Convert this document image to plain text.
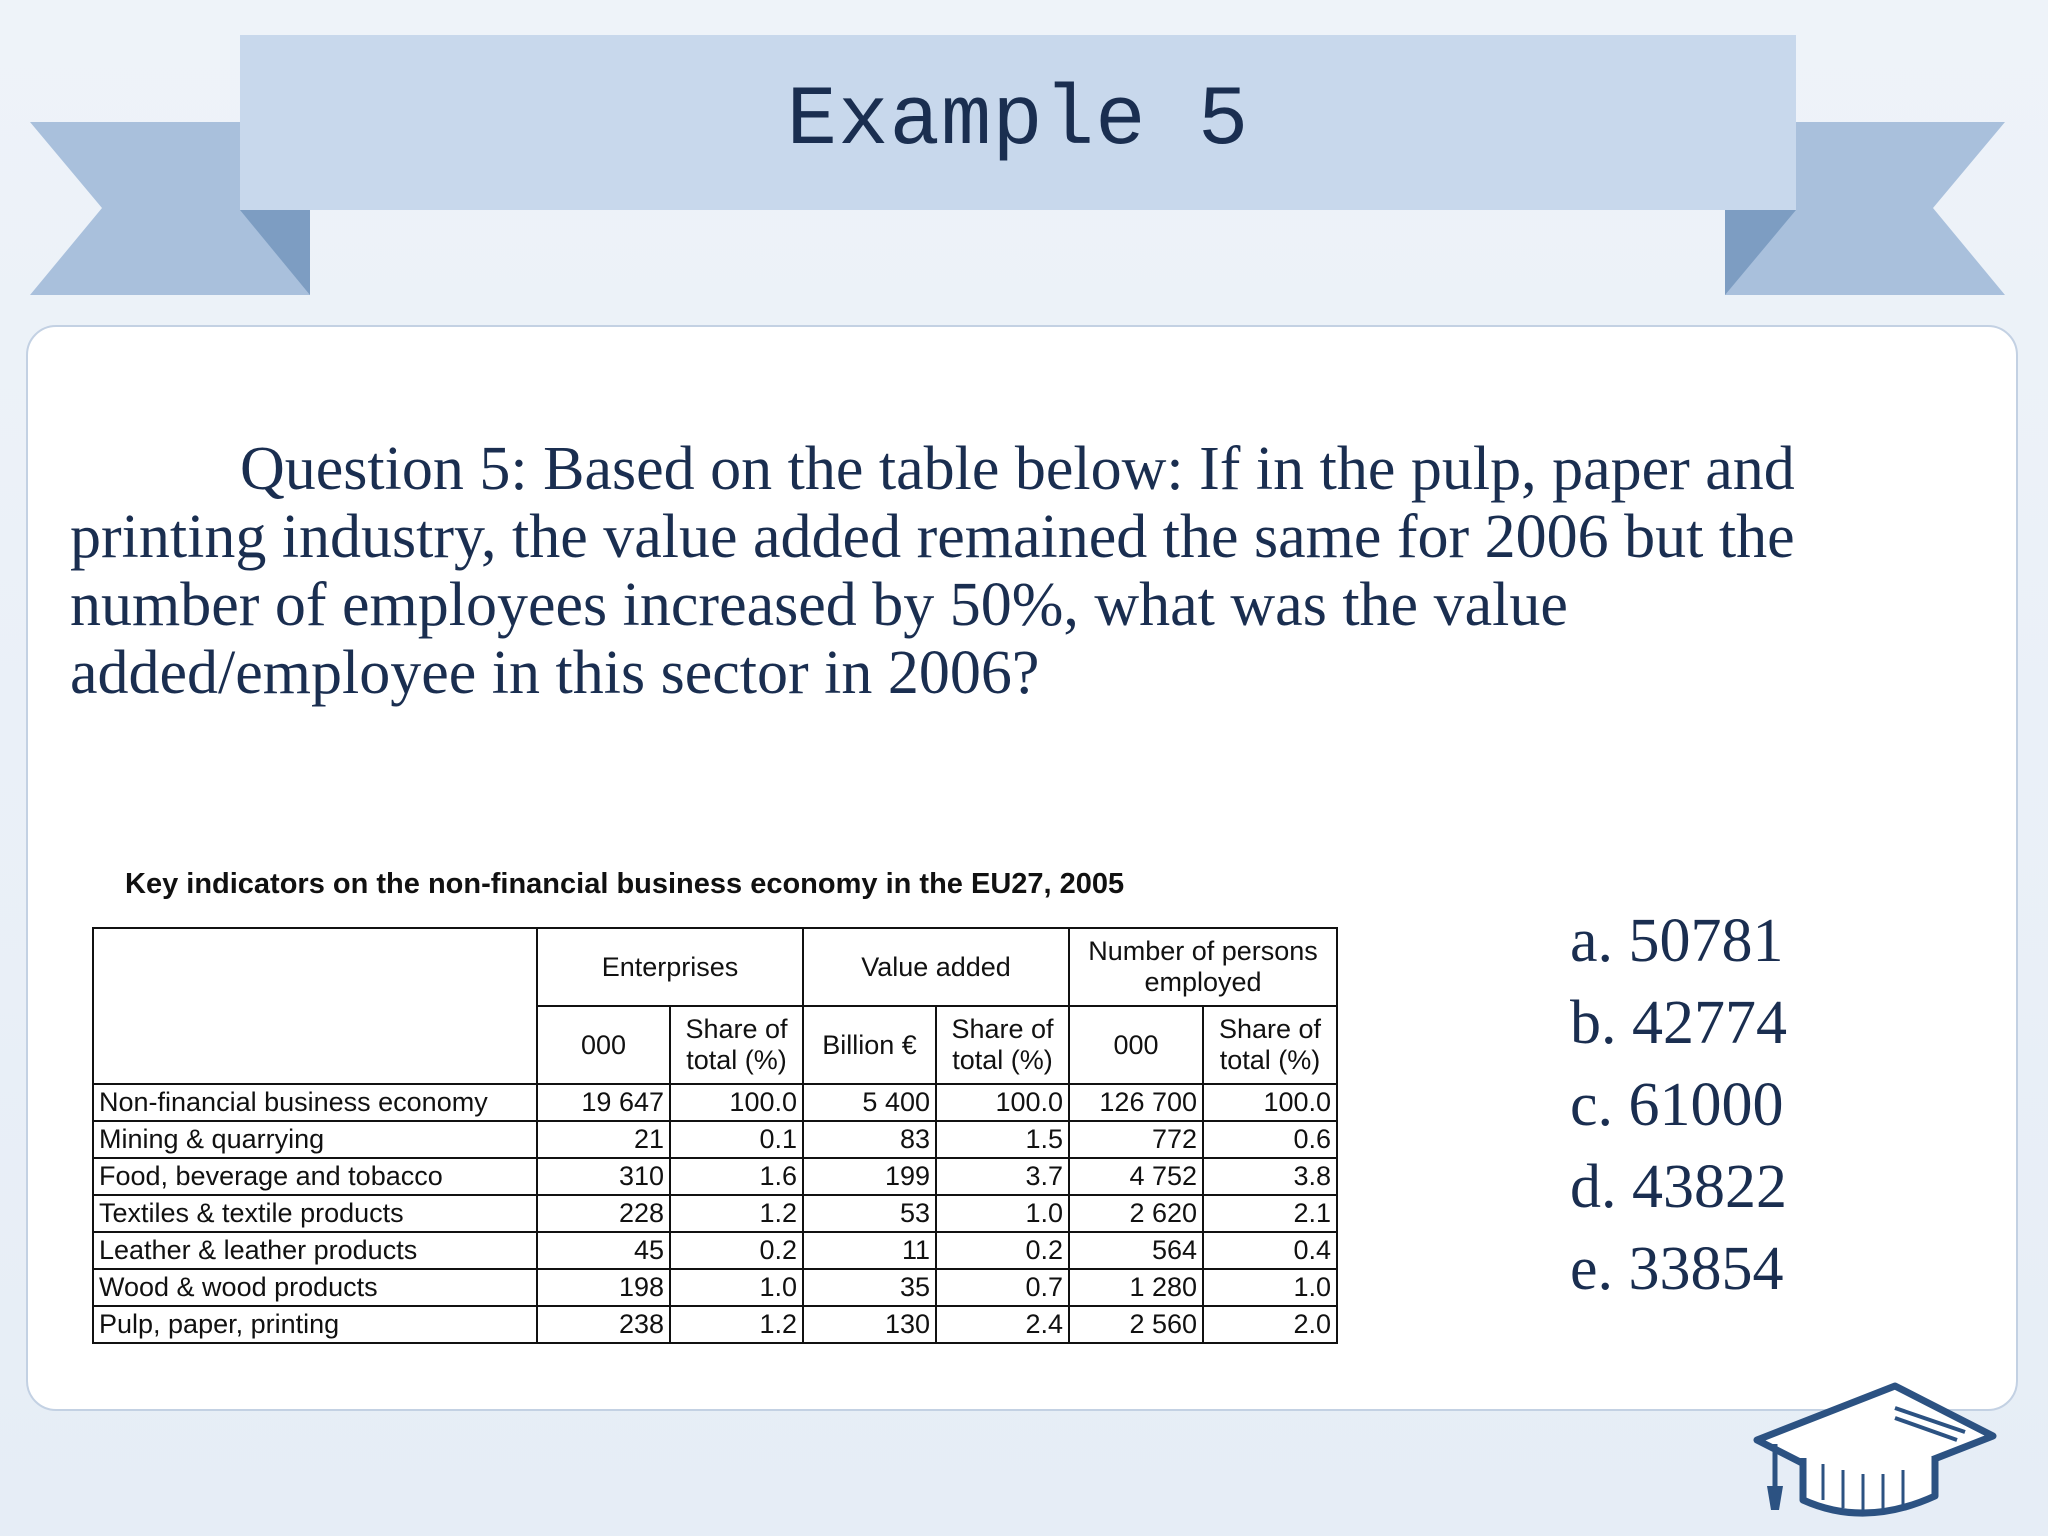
Example 5

Question 5: Based on the table below: If in the pulp, paper and printing industry, the value added remained the same for 2006 but the number of employees increased by 50%, what was the value added/employee in this sector in 2006?

Key indicators on the non-financial business economy in the EU27, 2005
	Enterprises		Value added		Number of persons employed	
	000	Share of total (%)	Billion €	Share of total (%)	000	Share of total (%)
Non-financial business economy	19 647	100.0	5 400	100.0	126 700	100.0
Mining & quarrying	21	0.1	83	1.5	772	0.6
Food, beverage and tobacco	310	1.6	199	3.7	4 752	3.8
Textiles & textile products	228	1.2	53	1.0	2 620	2.1
Leather & leather products	45	0.2	11	0.2	564	0.4
Wood & wood products	198	1.0	35	0.7	1 280	1.0
Pulp, paper, printing	238	1.2	130	2.4	2 560	2.0
a. 50781
b. 42774
c. 61000
d. 43822
e. 33854
